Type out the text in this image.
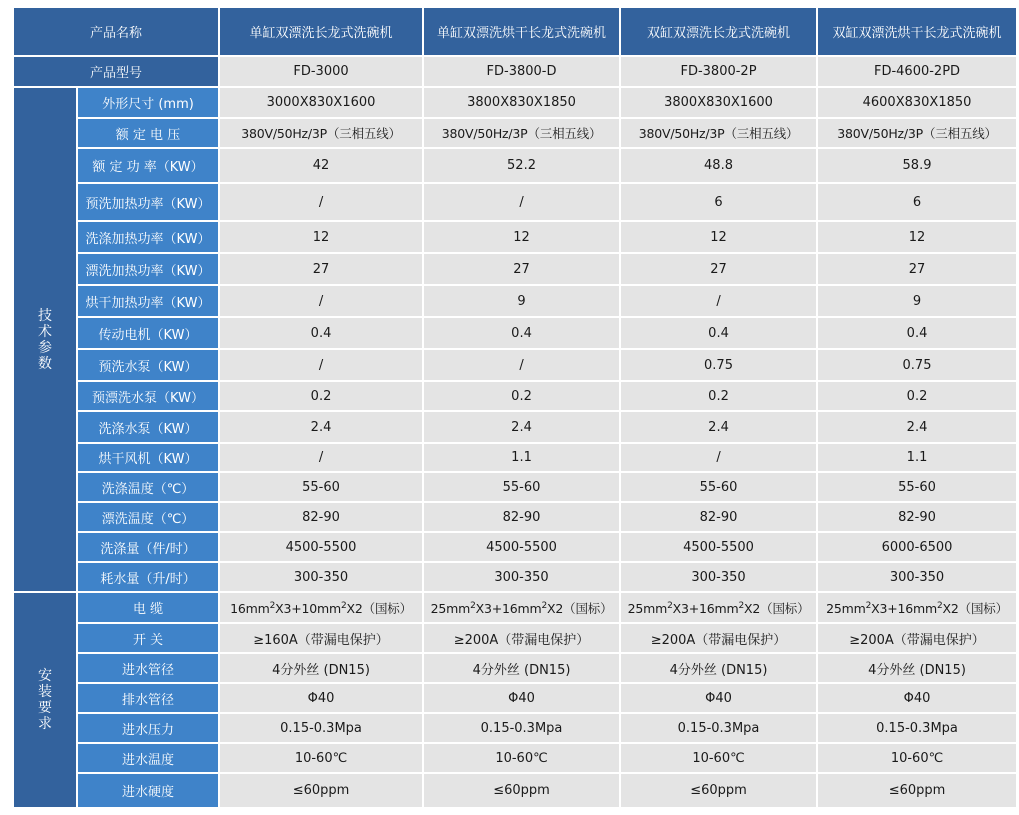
产品名称		单缸双漂洗长龙式洗碗机	单缸双漂洗烘干长龙式洗碗机	双缸双漂洗长龙式洗碗机	双缸双漂洗烘干长龙式洗碗机
产品型号		FD-3000	FD-3800-D	FD-3800-2P	FD-4600-2PD

技
术
参
数	外形尺寸 (mm)	3000X830X1600	3800X830X1850	3800X830X1600	4600X830X1850
	额 定 电 压	380V/50Hz/3P（三相五线）	380V/50Hz/3P（三相五线）	380V/50Hz/3P（三相五线）	380V/50Hz/3P（三相五线）
	额 定 功 率（KW）	42	52.2	48.8	58.9
	预洗加热功率（KW）	/	/	6	6
	洗涤加热功率（KW）	12	12	12	12
	漂洗加热功率（KW）	27	27	27	27
	烘干加热功率（KW）	/	9	/	9
	传动电机（KW）	0.4	0.4	0.4	0.4
	预洗水泵（KW）	/	/	0.75	0.75
	预漂洗水泵（KW）	0.2	0.2	0.2	0.2
	洗涤水泵（KW）	2.4	2.4	2.4	2.4
	烘干风机（KW）	/	1.1	/	1.1
	洗涤温度（℃）	55-60	55-60	55-60	55-60
	漂洗温度（℃）	82-90	82-90	82-90	82-90
	洗涤量（件/时）	4500-5500	4500-5500	4500-5500	6000-6500
	耗水量（升/时）	300-350	300-350	300-350	300-350

安
装
要
求	电 缆	$16mm^2X3+10mm^2X2$（国标）	$25mm^2X3+16mm^2X2$（国标）	$25mm^2X3+16mm^2X2$（国标）	$25mm^2X3+16mm^2X2$（国标）
	开 关	≥160A（带漏电保护）	≥200A（带漏电保护）	≥200A（带漏电保护）	≥200A（带漏电保护）
	进水管径	4分外丝 (DN15)	4分外丝 (DN15)	4分外丝 (DN15)	4分外丝 (DN15)
	排水管径	Φ40	Φ40	Φ40	Φ40
	进水压力	0.15-0.3Mpa	0.15-0.3Mpa	0.15-0.3Mpa	0.15-0.3Mpa
	进水温度	10-60℃	10-60℃	10-60℃	10-60℃
	进水硬度	≤60ppm	≤60ppm	≤60ppm	≤60ppm
